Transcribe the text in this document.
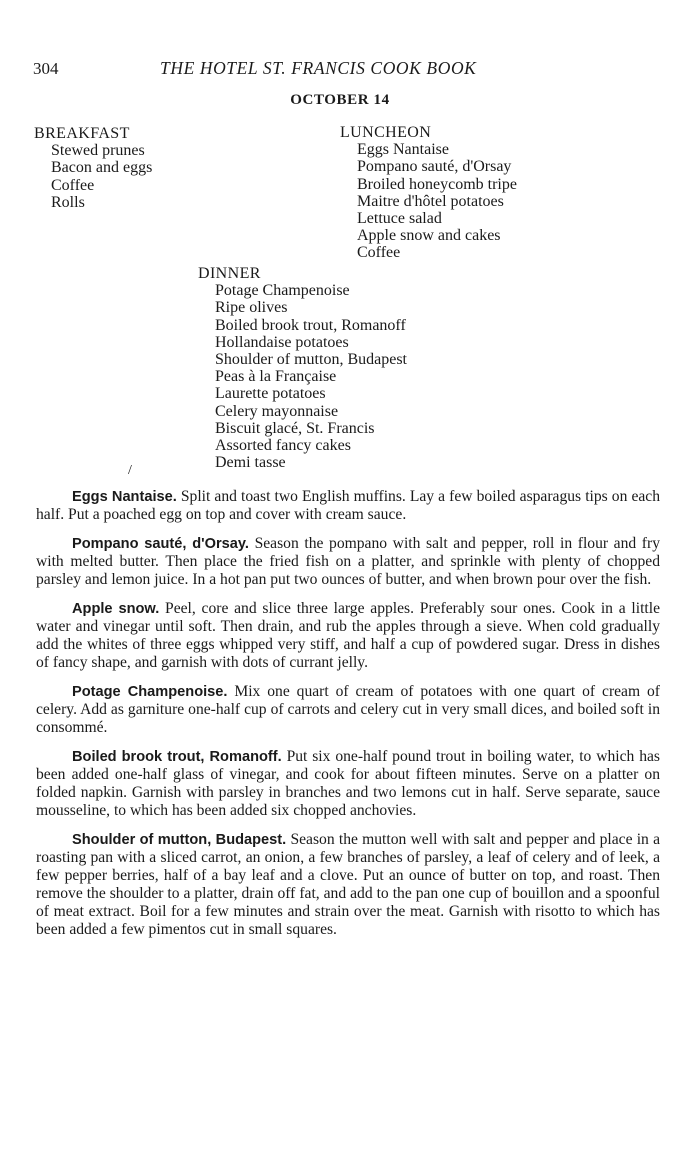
304	THE HOTEL ST. FRANCIS COOK BOOK
OCTOBER 14
BREAKFAST
Stewed prunes
Bacon and eggs
Coffee
Rolls
LUNCHEON
Eggs Nantaise
Pompano sauté, d'Orsay
Broiled honeycomb tripe
Maitre d'hôtel potatoes
Lettuce salad
Apple snow and cakes
Coffee
DINNER
Potage Champenoise
Ripe olives
Boiled brook trout, Romanoff
Hollandaise potatoes
Shoulder of mutton, Budapest
Peas à la Française
Laurette potatoes
Celery mayonnaise
Biscuit glacé, St. Francis
Assorted fancy cakes
Demi tasse
/

Eggs Nantaise. Split and toast two English muffins. Lay a few boiled asparagus tips on each half. Put a poached egg on top and cover with cream sauce.

Pompano sauté, d'Orsay. Season the pompano with salt and pepper, roll in flour and fry with melted butter. Then place the fried fish on a platter, and sprinkle with plenty of chopped parsley and lemon juice. In a hot pan put two ounces of butter, and when brown pour over the fish.

Apple snow. Peel, core and slice three large apples. Preferably sour ones. Cook in a little water and vinegar until soft. Then drain, and rub the apples through a sieve. When cold gradually add the whites of three eggs whipped very stiff, and half a cup of powdered sugar. Dress in dishes of fancy shape, and garnish with dots of currant jelly.

Potage Champenoise. Mix one quart of cream of potatoes with one quart of cream of celery. Add as garniture one-half cup of carrots and celery cut in very small dices, and boiled soft in consommé.

Boiled brook trout, Romanoff. Put six one-half pound trout in boiling water, to which has been added one-half glass of vinegar, and cook for about fifteen minutes. Serve on a platter on folded napkin. Garnish with parsley in branches and two lemons cut in half. Serve separate, sauce mousseline, to which has been added six chopped anchovies.

Shoulder of mutton, Budapest. Season the mutton well with salt and pepper and place in a roasting pan with a sliced carrot, an onion, a few branches of parsley, a leaf of celery and of leek, a few pepper berries, half of a bay leaf and a clove. Put an ounce of butter on top, and roast. Then remove the shoulder to a platter, drain off fat, and add to the pan one cup of bouillon and a spoonful of meat extract. Boil for a few minutes and strain over the meat. Garnish with risotto to which has been added a few pimentos cut in small squares.
